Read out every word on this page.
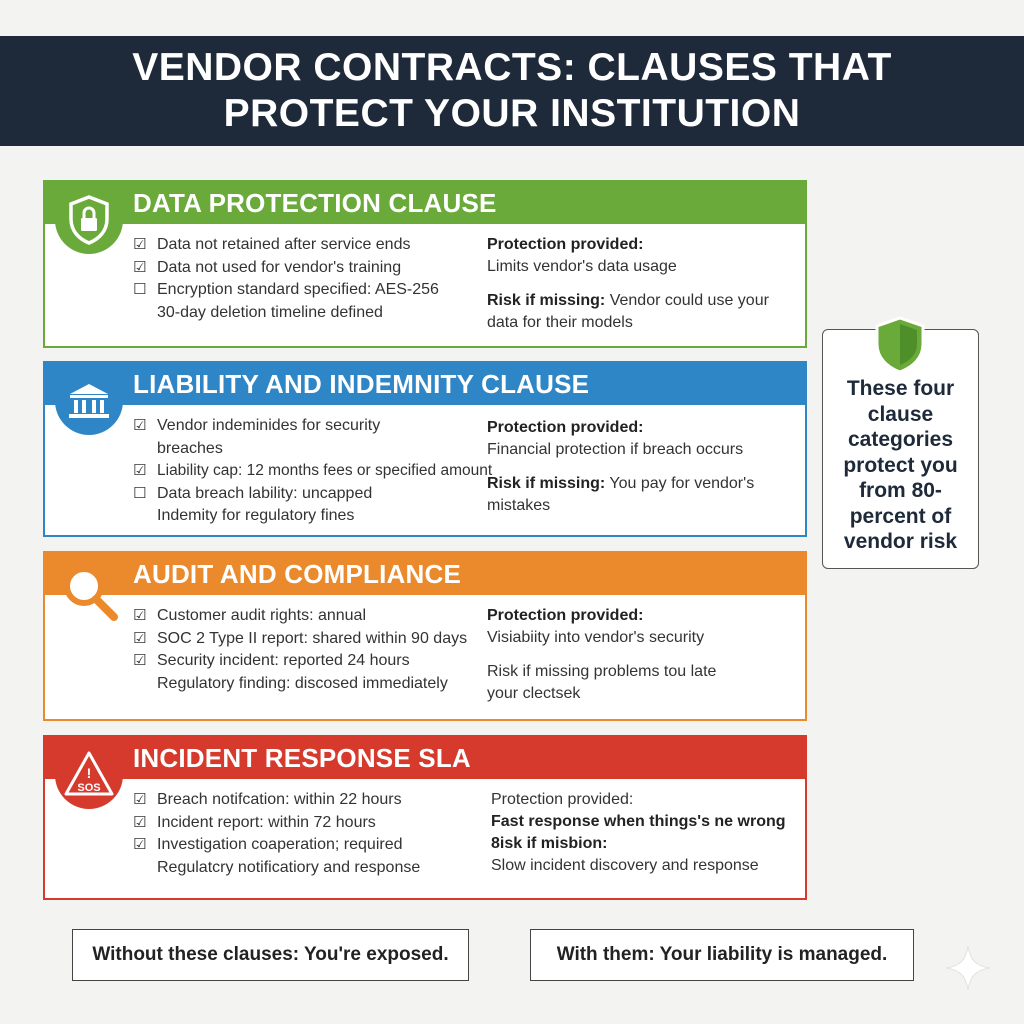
VENDOR CONTRACTS: CLAUSES THAT
PROTECT YOUR INSTITUTION
DATA PROTECTION CLAUSE
☑ Data not retained after service ends
☑ Data not used for vendor's training
☐ Encryption standard specified: AES-256
30-day deletion timeline defined
Protection provided:
Limits vendor's data usage
Risk if missing: Vendor could use your data for their models
LIABILITY AND INDEMNITY CLAUSE
☑ Vendor indeminides for security breaches
☑ Liability cap: 12 months fees or specified amount
☐ Data breach lability: uncapped
Indemity for regulatory fines
Protection provided:
Financial protection if breach occurs
Risk if missing: You pay for vendor's mistakes
AUDIT AND COMPLIANCE
☑ Customer audit rights: annual
☑ SOC 2 Type II report: shared within 90 days
☑ Security incident: reported 24 hours
Regulatory finding: discosed immediately
Protection provided:
Visiabiity into vendor's security
Risk if missing problems tou late your clectsek
INCIDENT RESPONSE SLA
!
SOS
☑ Breach notifcation: within 22 hours
☑ Incident report: within 72 hours
☑ Investigation coaperation; required
Regulatcry notificatiory and response
Protection provided:
Fast response when things's ne wrong
8isk if misbion:
Slow incident discovery and response

These four clause categories protect you from 80-percent of vendor risk

Without these clauses: You're exposed.	With them: Your liability is managed.
